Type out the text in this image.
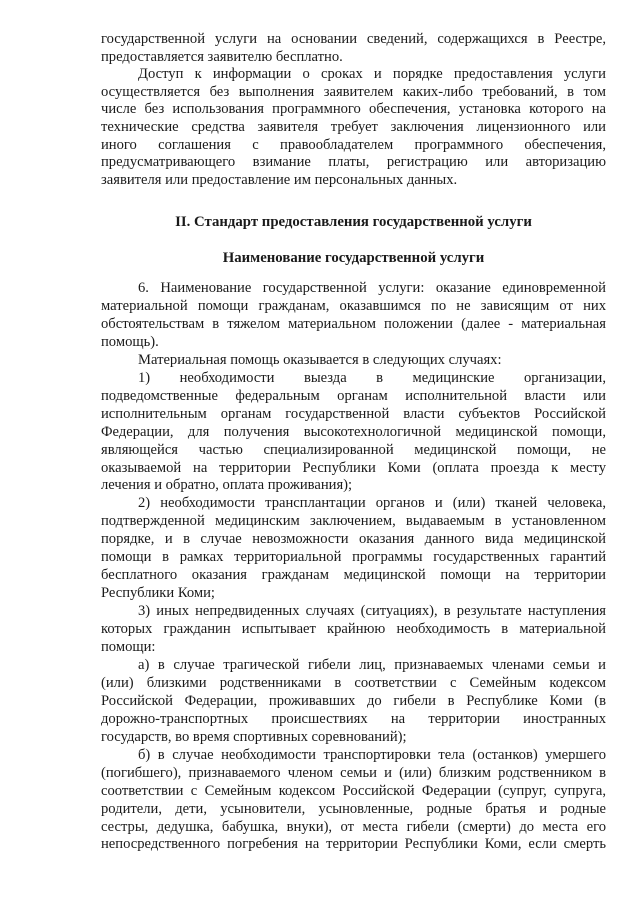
государственной услуги на основании сведений, содержащихся в Реестре,
предоставляется заявителю бесплатно.
Доступ к информации о сроках и порядке предоставления услуги
осуществляется без выполнения заявителем каких-либо требований, в том
числе без использования программного обеспечения, установка которого на
технические средства заявителя требует заключения лицензионного или
иного соглашения с правообладателем программного обеспечения,
предусматривающего взимание платы, регистрацию или авторизацию
заявителя или предоставление им персональных данных.
II. Стандарт предоставления государственной услуги
Наименование государственной услуги
6. Наименование государственной услуги: оказание единовременной
материальной помощи гражданам, оказавшимся по не зависящим от них
обстоятельствам в тяжелом материальном положении (далее - материальная
помощь).
Материальная помощь оказывается в следующих случаях:
1) необходимости выезда в медицинские организации,
подведомственные федеральным органам исполнительной власти или
исполнительным органам государственной власти субъектов Российской
Федерации, для получения высокотехнологичной медицинской помощи,
являющейся частью специализированной медицинской помощи, не
оказываемой на территории Республики Коми (оплата проезда к месту
лечения и обратно, оплата проживания);
2) необходимости трансплантации органов и (или) тканей человека,
подтвержденной медицинским заключением, выдаваемым в установленном
порядке, и в случае невозможности оказания данного вида медицинской
помощи в рамках территориальной программы государственных гарантий
бесплатного оказания гражданам медицинской помощи на территории
Республики Коми;
3) иных непредвиденных случаях (ситуациях), в результате наступления
которых гражданин испытывает крайнюю необходимость в материальной
помощи:
а) в случае трагической гибели лиц, признаваемых членами семьи и
(или) близкими родственниками в соответствии с Семейным кодексом
Российской Федерации, проживавших до гибели в Республике Коми (в
дорожно-транспортных происшествиях на территории иностранных
государств, во время спортивных соревнований);
б) в случае необходимости транспортировки тела (останков) умершего
(погибшего), признаваемого членом семьи и (или) близким родственником в
соответствии с Семейным кодексом Российской Федерации (супруг, супруга,
родители, дети, усыновители, усыновленные, родные братья и родные
сестры, дедушка, бабушка, внуки), от места гибели (смерти) до места его
непосредственного погребения на территории Республики Коми, если смерть
